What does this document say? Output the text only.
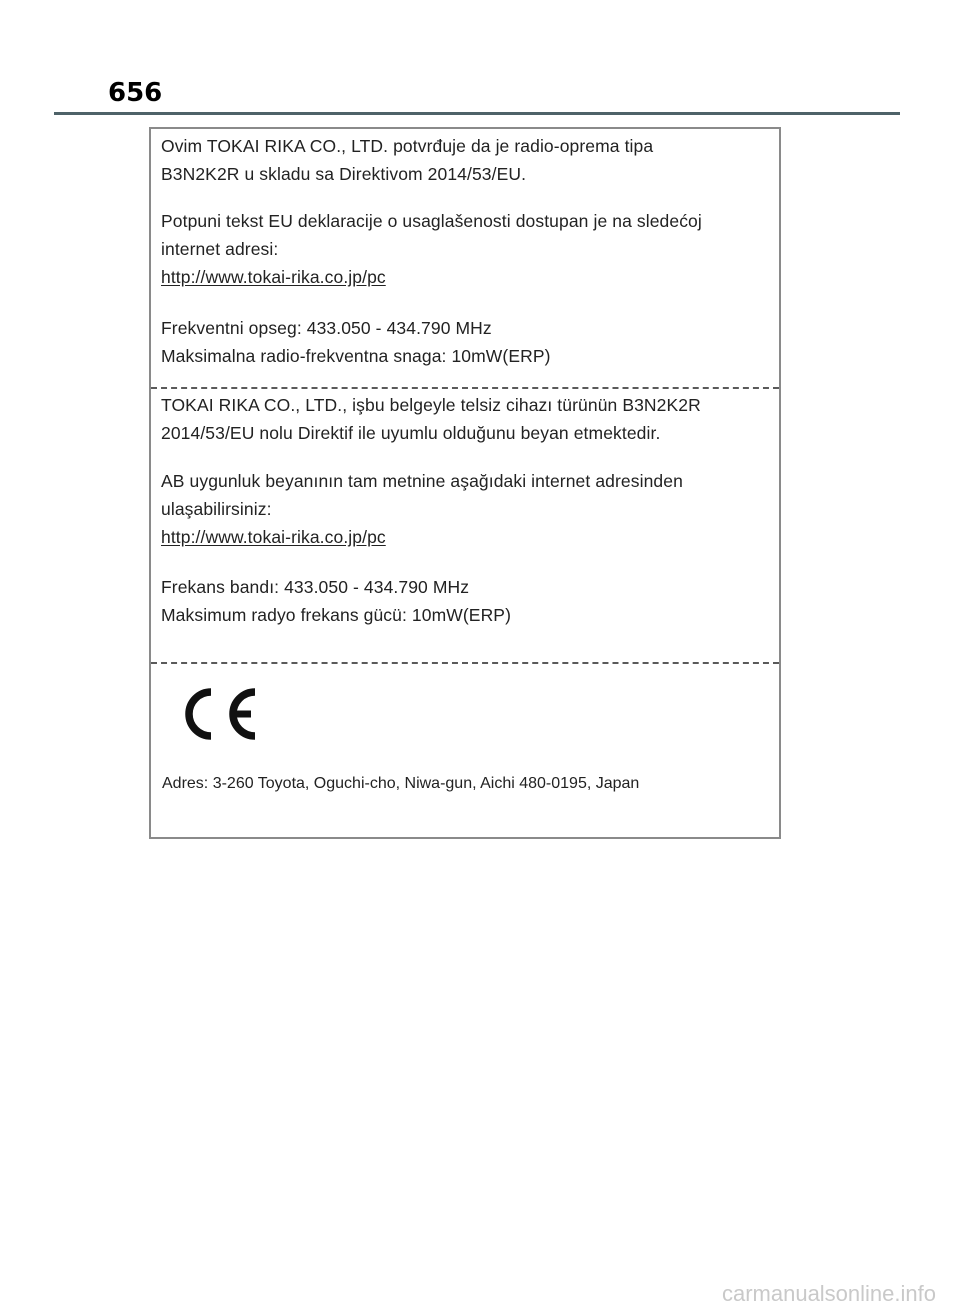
656
Ovim TOKAI RIKA CO., LTD. potvrđuje da je radio-oprema tipa
B3N2K2R u skladu sa Direktivom 2014/53/EU.
Potpuni tekst EU deklaracije o usaglašenosti dostupan je na sledećoj
internet adresi:
http://www.tokai-rika.co.jp/pc
Frekventni opseg: 433.050 - 434.790 MHz
Maksimalna radio-frekventna snaga: 10mW(ERP)
TOKAI RIKA CO., LTD., işbu belgeyle telsiz cihazı türünün B3N2K2R
2014/53/EU nolu Direktif ile uyumlu olduğunu beyan etmektedir.
AB uygunluk beyanının tam metnine aşağıdaki internet adresinden
ulaşabilirsiniz:
http://www.tokai-rika.co.jp/pc
Frekans bandı: 433.050 - 434.790 MHz
Maksimum radyo frekans gücü: 10mW(ERP)
Adres: 3-260 Toyota, Oguchi-cho, Niwa-gun, Aichi 480-0195, Japan
carmanualsonline.info
